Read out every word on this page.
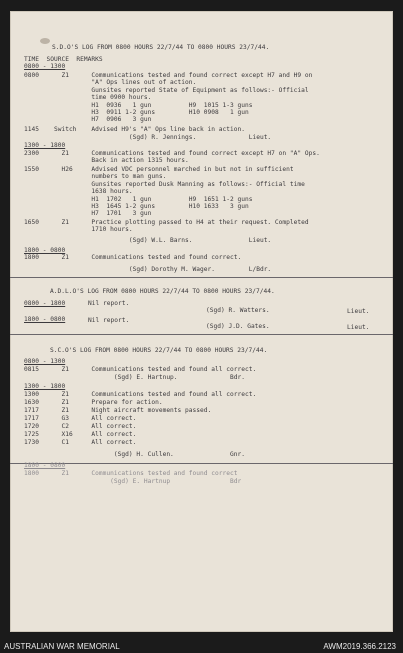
S.D.O'S LOG FROM 0800 HOURS 22/7/44 TO 0800 HOURS 23/7/44.
TIME  SOURCE  REMARKS
0800 - 1300
0800      Z1      Communications tested and found correct except H7 and H9 on
"A" Ops lines out of action.
Gunsites reported State of Equipment as follows:- Official
time 0900 hours.
H1  0936   1 gun          H9  1015 1-3 guns
H3  0911 1-2 guns         H10 0908   1 gun
H7  0906   3 gun
1145    Switch    Advised H9's "A" Ops line back in action.
(Sgd) R. Jennings.              Lieut.
1300 - 1800
2300      Z1      Communications tested and found correct except H7 on "A" Ops.
Back in action 1315 hours.
1550      H26     Advised VDC personnel marched in but not in sufficient
numbers to man guns.
Gunsites reported Dusk Manning as follows:- Official time
1638 hours.
H1  1702   1 gun          H9  1651 1-2 guns
H3  1645 1-2 guns         H10 1633   3 gun
H7  1701   3 gun
1650      Z1      Practice plotting passed to H4 at their request. Completed
1710 hours.
(Sgd) W.L. Barns.               Lieut.
1800 - 0800
1800      Z1      Communications tested and found correct.
(Sgd) Dorothy M. Wager.         L/Bdr.
A.D.L.O'S LOG FROM 0800 HOURS 22/7/44 TO 0800 HOURS 23/7/44.
0800 - 1800	Nil report.
(Sgd) R. Watters.	Lieut.
1800 - 0800	Nil report.
(Sgd) J.D. Gates.	Lieut.
S.C.O'S LOG FROM 0800 HOURS 22/7/44 TO 0800 HOURS 23/7/44.
0800 - 1300
0815      Z1      Communications tested and found all correct.
(Sgd) E. Hartnup.              Bdr.
1300 - 1800
1300      Z1      Communications tested and found all correct.
1630      Z1      Prepare for action.
1717      Z1      Night aircraft movements passed.
1717      G3      All correct.
1720      C2      All correct.
1725      X16     All correct.
1730      C1      All correct.
(Sgd) H. Cullen.               Gnr.
1800 - 0800
1800      Z1      Communications tested and found correct
(Sgd) E. Hartnup                Bdr
AUSTRALIAN WAR MEMORIAL	AWM2019.366.2123
